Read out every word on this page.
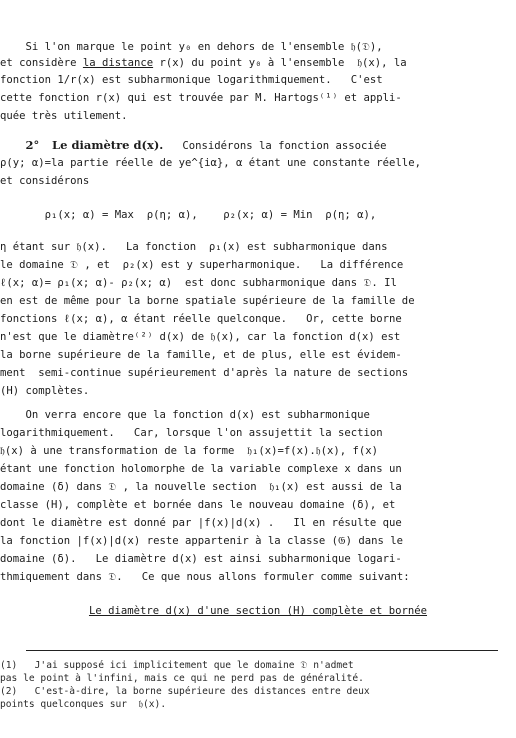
Si l'on marque le point y₀ en dehors de l'ensemble 𝔥(𝔇),
et considère la distance r(x) du point y₀ à l'ensemble  𝔥(x), la
fonction 1/r(x) est subharmonique logarithmiquement.   C'est
cette fonction r(x) qui est trouvée par M. Hartogs⁽¹⁾ et appli-
quée très utilement.
2° Le diamètre d(x).   Considérons la fonction associée
ρ(y; α)=la partie réelle de ye^{iα}, α étant une constante réelle,
et considérons
ρ₁(x; α) = Max  ρ(η; α),    ρ₂(x; α) = Min  ρ(η; α),
η étant sur 𝔥(x).   La fonction  ρ₁(x) est subharmonique dans
le domaine 𝔇 , et  ρ₂(x) est y superharmonique.   La différence
ℓ(x; α)= ρ₁(x; α)- ρ₂(x; α)  est donc subharmonique dans 𝔇. Il
en est de même pour la borne spatiale supérieure de la famille de
fonctions ℓ(x; α), α étant réelle quelconque.   Or, cette borne
n'est que le diamètre⁽²⁾ d(x) de 𝔥(x), car la fonction d(x) est
la borne supérieure de la famille, et de plus, elle est évidem-
ment  semi-continue supérieurement d'après la nature de sections
(H) complètes.
On verra encore que la fonction d(x) est subharmonique
logarithmiquement.   Car, lorsque l'on assujettit la section
𝔥(x) à une transformation de la forme  𝔥₁(x)=f(x).𝔥(x), f(x)
étant une fonction holomorphe de la variable complexe x dans un
domaine (δ) dans 𝔇 , la nouvelle section  𝔥₁(x) est aussi de la
classe (H), complète et bornée dans le nouveau domaine (δ), et
dont le diamètre est donné par |f(x)|d(x) .   Il en résulte que
la fonction |f(x)|d(x) reste appartenir à la classe (𝔊) dans le
domaine (δ).   Le diamètre d(x) est ainsi subharmonique logari-
thmiquement dans 𝔇.   Ce que nous allons formuler comme suivant:
Le diamètre d(x) d'une section (H) complète et bornée
(1)   J'ai supposé ici implicitement que le domaine 𝔇 n'admet
pas le point à l'infini, mais ce qui ne perd pas de généralité.
(2)   C'est-à-dire, la borne supérieure des distances entre deux
points quelconques sur  𝔥(x).
